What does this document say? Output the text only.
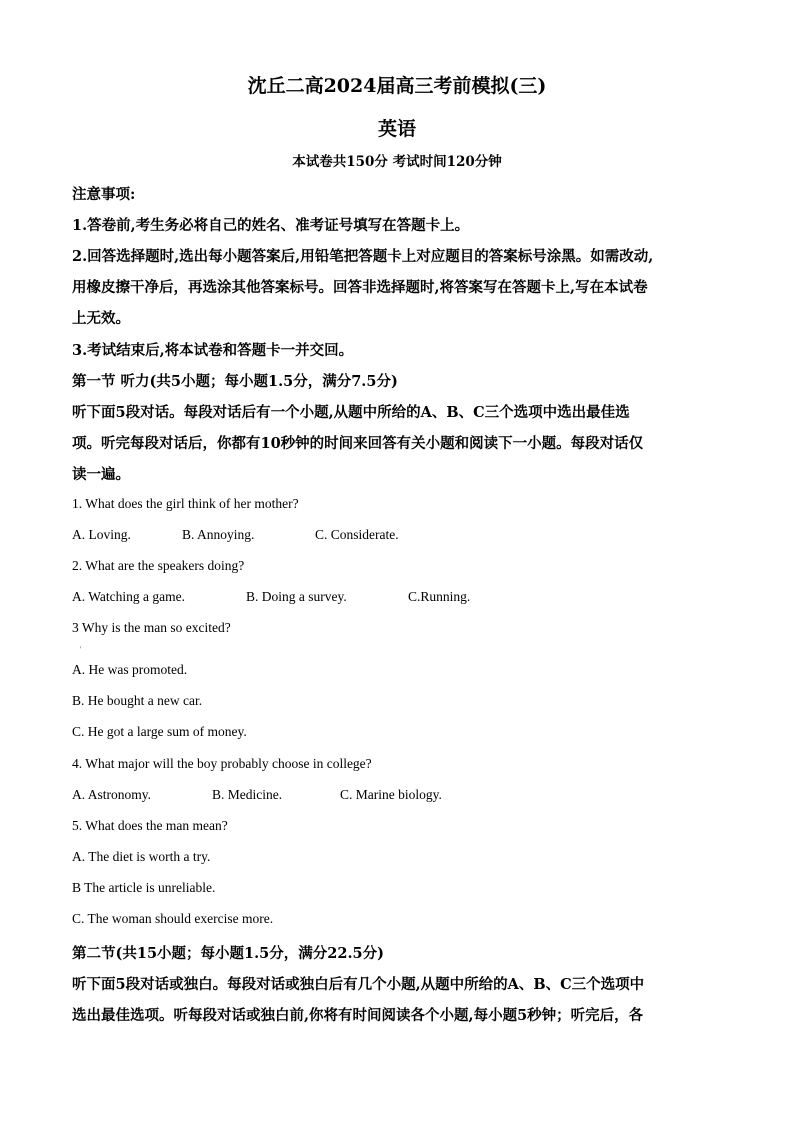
沈丘二高2024届高三考前模拟(三)
英语
本试卷共150分 考试时间120分钟
注意事项:
1.答卷前,考生务必将自己的姓名、准考证号填写在答题卡上。
2.回答选择题时,选出每小题答案后,用铅笔把答题卡上对应题目的答案标号涂黑。如需改动,
用橡皮擦干净后，再选涂其他答案标号。回答非选择题时,将答案写在答题卡上,写在本试卷
上无效。
3.考试结束后,将本试卷和答题卡一并交回。
第一节 听力(共5小题；每小题1.5分，满分7.5分)
听下面5段对话。每段对话后有一个小题,从题中所给的A、B、C三个选项中选出最佳选
项。听完每段对话后，你都有10秒钟的时间来回答有关小题和阅读下一小题。每段对话仅
读一遍。
1. What does the girl think of her mother?
A. Loving.	B. Annoying.	C. Considerate.
2. What are the speakers doing?
A. Watching a game.	B. Doing a survey.	C.Running.
3 Why is the man so excited?
'
A. He was promoted.
B. He bought a new car.
C. He got a large sum of money.
4. What major will the boy probably choose in college?
A. Astronomy.	B. Medicine.	C. Marine biology.
5. What does the man mean?
A. The diet is worth a try.
B The article is unreliable.
C. The woman should exercise more.
第二节(共15小题；每小题1.5分，满分22.5分)
听下面5段对话或独白。每段对话或独白后有几个小题,从题中所给的A、B、C三个选项中
选出最佳选项。听每段对话或独白前,你将有时间阅读各个小题,每小题5秒钟；听完后，各
